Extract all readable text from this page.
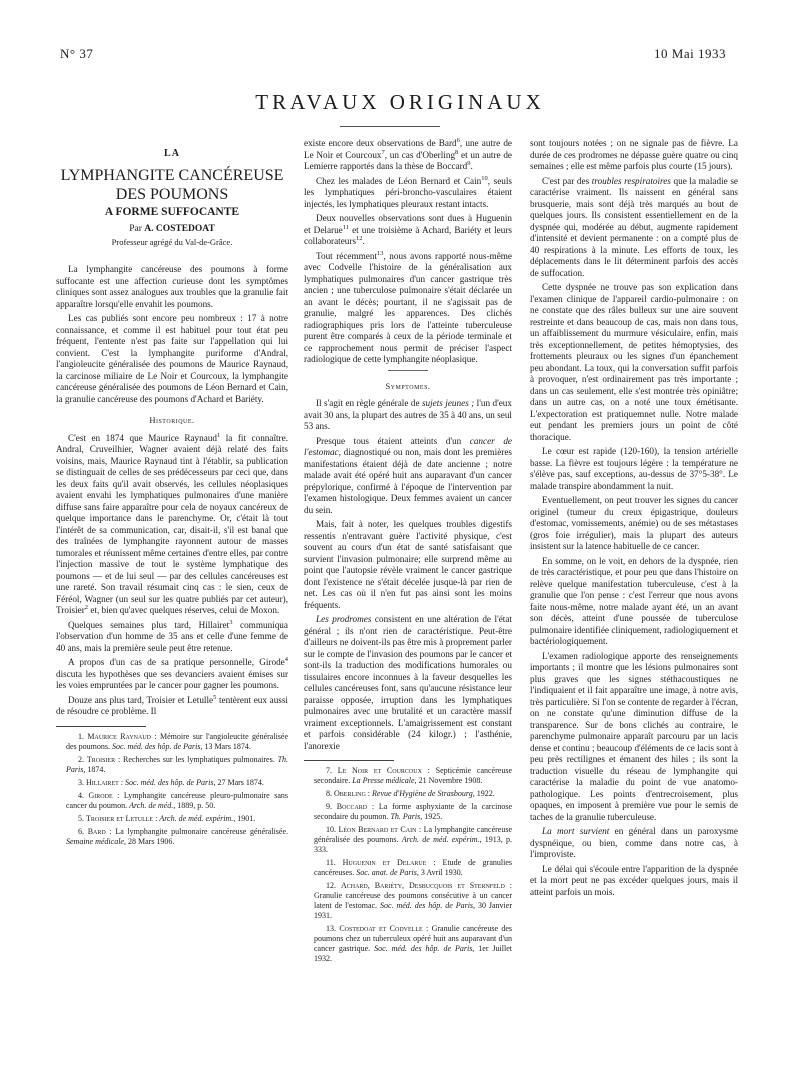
N° 37	10 Mai 1933
TRAVAUX ORIGINAUX
LA
LYMPHANGITE CANCÉREUSE
DES POUMONS
A FORME SUFFOCANTE
Par A. COSTEDOAT
Professeur agrégé du Val-de-Grâce.

La lymphangite cancéreuse des poumons à forme suffocante est une affection curieuse dont les symptômes cliniques sont assez analogues aux troubles que la granulie fait apparaître lorsqu'elle envahit les poumons.

Les cas publiés sont encore peu nombreux : 17 à notre connaissance, et comme il est habituel pour tout état peu fréquent, l'entente n'est pas faite sur l'appellation qui lui convient. C'est la lymphangite puriforme d'Andral, l'angioleucite généralisée des poumons de Maurice Raynaud, la carcinose miliaire de Le Noir et Courcoux, la lymphangite cancéreuse généralisée des poumons de Léon Bernard et Cain, la granulie cancéreuse des poumons d'Achard et Bariéty.

Historique.

C'est en 1874 que Maurice Raynaud$^1$ la fit connaître. Andral, Cruveilhier, Wagner avaient déjà relaté des faits voisins, mais, Maurice Raynaud tint à l'établir, sa publication se distinguait de celles de ses prédécesseurs par ceci que, dans les deux faits qu'il avait observés, les cellules néoplasiques avaient envahi les lymphatiques pulmonaires d'une manière diffuse sans faire apparaître pour cela de noyaux cancéreux de quelque importance dans le parenchyme. Or, c'était là tout l'intérêt de sa communication, car, disait-il, s'il est banal que des traînées de lymphangite rayonnent autour de masses tumorales et réunissent même certaines d'entre elles, par contre l'injection massive de tout le système lymphatique des poumons — et de lui seul — par des cellules cancéreuses est une rareté. Son travail résumait cinq cas : le sien, ceux de Féréol, Wagner (un seul sur les quatre publiés par cet auteur), Troisier$^2$ et, bien qu'avec quelques réserves, celui de Moxon.

Quelques semaines plus tard, Hillairet$^3$ communiqua l'observation d'un homme de 35 ans et celle d'une femme de 40 ans, mais la première seule peut être retenue.

A propos d'un cas de sa pratique personnelle, Girode$^4$ discuta les hypothèses que ses devanciers avaient émises sur les voies empruntées par le cancer pour gagner les poumons.

Douze ans plus tard, Troisier et Letulle$^5$ tentèrent eux aussi de résoudre ce problème. Il

1. Maurice Raynaud : Mémoire sur l'angioleucite généralisée des poumons. Soc. méd. des hôp. de Paris, 13 Mars 1874.

2. Troisier : Recherches sur les lymphatiques pulmonaires. Th. Paris, 1874.

3. Hillairet : Soc. méd. des hôp. de Paris, 27 Mars 1874.

4. Girode : Lymphangite cancéreuse pleuro-pulmonaire sans cancer du poumon. Arch. de méd., 1889, p. 50.

5. Troisier et Letulle : Arch. de méd. expérim., 1901.

6. Bard : La lymphangite pulmonaire cancéreuse généralisée. Semaine médicale, 28 Mars 1906.

existe encore deux observations de Bard$^6$, une autre de Le Noir et Courcoux$^7$, un cas d'Oberling$^8$ et un autre de Lemierre rapportés dans la thèse de Boccard$^9$.

Chez les malades de Léon Bernard et Cain$^{10}$, seuls les lymphatiques péri-broncho-vasculaires étaient injectés, les lymphatiques pleuraux restant intacts.

Deux nouvelles observations sont dues à Huguenin et Delarue$^{11}$ et une troisième à Achard, Bariéty et leurs collaborateurs$^{12}$.

Tout récemment$^{13}$, nous avons rapporté nous-même avec Codvelle l'histoire de la généralisation aux lymphatiques pulmonaires d'un cancer gastrique très ancien ; une tuberculose pulmonaire s'était déclarée un an avant le décès; pourtant, il ne s'agissait pas de granulie, malgré les apparences. Des clichés radiographiques pris lors de l'atteinte tuberculeuse purent être comparés à ceux de la période terminale et ce rapprochement nous permit de préciser l'aspect radiologique de cette lymphangite néoplasique.

Symptomes.

Il s'agit en règle générale de sujets jeunes ; l'un d'eux avait 30 ans, la plupart des autres de 35 à 40 ans, un seul 53 ans.

Presque tous étaient atteints d'un cancer de l'estomac, diagnostiqué ou non, mais dont les premières manifestations étaient déjà de date ancienne ; notre malade avait été opéré huit ans auparavant d'un cancer prépylorique, confirmé à l'époque de l'intervention par l'examen histologique. Deux femmes avaient un cancer du sein.

Mais, fait à noter, les quelques troubles digestifs ressentis n'entravant guère l'activité physique, c'est souvent au cours d'un état de santé satisfaisant que survient l'invasion pulmonaire; elle surprend même au point que l'autopsie révèle vraiment le cancer gastrique dont l'existence ne s'était décelée jusque-là par rien de net. Les cas où il n'en fut pas ainsi sont les moins fréquents.

Les prodromes consistent en une altération de l'état général ; ils n'ont rien de caractéristique. Peut-être d'ailleurs ne doivent-ils pas être mis à proprement parler sur le compte de l'invasion des poumons par le cancer et sont-ils la traduction des modifications humorales ou tissulaires encore inconnues à la faveur desquelles les cellules cancéreuses font, sans qu'aucune résistance leur paraisse opposée, irruption dans les lymphatiques pulmonaires avec une brutalité et un caractère massif vraiment exceptionnels. L'amaigrissement est constant et parfois considérable (24 kilogr.) ; l'asthénie, l'anorexie

7. Le Noir et Courcoux : Septicémie cancéreuse secondaire. La Presse médicale, 21 Novembre 1908.

8. Oberling : Revue d'Hygiène de Strasbourg, 1922.

9. Boccard : La forme asphyxiante de la carcinose secondaire du poumon. Th. Paris, 1925.

10. Léon Bernard et Cain : La lymphangite cancéreuse généralisée des poumons. Arch. de méd. expérim., 1913, p. 333.

11. Huguenin et Delarue : Etude de granulies cancéreuses. Soc. anat. de Paris, 3 Avril 1930.

12. Achard, Bariéty, Desbucquois et Sternfeld : Granulie cancéreuse des poumons consécutive à un cancer latent de l'estomac. Soc. méd. des hôp. de Paris, 30 Janvier 1931.

13. Costedoat et Codvelle : Granulie cancéreuse des poumons chez un tuberculeux opéré huit ans auparavant d'un cancer gastrique. Soc. méd. des hôp. de Paris, 1er Juillet 1932.

sont toujours notées ; on ne signale pas de fièvre. La durée de ces prodromes ne dépasse guère quatre ou cinq semaines ; elle est même parfois plus courte (15 jours).

C'est par des troubles respiratoires que la maladie se caractérise vraiment. Ils naissent en général sans brusquerie, mais sont déjà très marqués au bout de quelques jours. Ils consistent essentiellement en de la dyspnée qui, modérée au début, augmente rapidement d'intensité et devient permanente : on a compté plus de 40 respirations à la minute. Les efforts de toux, les déplacements dans le lit déterminent parfois des accès de suffocation.

Cette dyspnée ne trouve pas son explication dans l'examen clinique de l'appareil cardio-pulmonaire : on ne constate que des râles bulleux sur une aire souvent restreinte et dans beaucoup de cas, mais non dans tous, un affaiblissement du murmure vésiculaire, enfin, mais très exceptionnellement, de petites hémoptysies, des frottements pleuraux ou les signes d'un épanchement peu abondant. La toux, qui la conversation suffit parfois à provoquer, n'est ordinairement pas très importante ; dans un cas seulement, elle s'est montrée très opiniâtre; dans un autre cas, on a noté une toux émétisante. L'expectoration est pratiquemnet nulle. Notre malade eut pendant les premiers jours un point de côté thoracique.

Le cœur est rapide (120-160), la tension artérielle basse. La fièvre est toujours légère : la température ne s'élève pas, sauf exceptions, au-dessus de 37°5-38°. Le malade transpire abondamment la nuit.

Eventuellement, on peut trouver les signes du cancer originel (tumeur du creux épigastrique, douleurs d'estomac, vomissements, anémie) ou de ses métastases (gros foie irrégulier), mais la plupart des auteurs insistent sur la latence habituelle de ce cancer.

En somme, on le voit, en dehors de la dyspnée, rien de très caractéristique, et pour peu que dans l'histoire on relève quelque manifestation tuberculeuse, c'est à la granulie que l'on pense : c'est l'erreur que nous avons faite nous-même, notre malade ayant été, un an avant son décès, atteint d'une poussée de tuberculose pulmonaire identifiée cliniquement, radiologiquement et bactériologiquement.

L'examen radiologique apporte des renseignements importants ; il montre que les lésions pulmonaires sont plus graves que les signes stéthacoustiques ne l'indiquaient et il fait apparaître une image, à notre avis, très particulière. Si l'on se contente de regarder à l'écran, on ne constate qu'une diminution diffuse de la transparence. Sur de bons clichés au contraire, le parenchyme pulmonaire apparaît parcouru par un lacis dense et continu ; beaucoup d'éléments de ce lacis sont à peu près rectilignes et émanent des hiles ; ils sont la traduction visuelle du réseau de lymphangite qui caractérise la maladie du point de vue anatomo-pathologique. Les points d'entrecroisement, plus opaques, en imposent à première vue pour le semis de taches de la granulie tuberculeuse.

La mort survient en général dans un paroxysme dyspnéique, ou bien, comme dans notre cas, à l'improviste.

Le délai qui s'écoule entre l'apparition de la dyspnée et la mort peut ne pas excéder quelques jours, mais il atteint parfois un mois.
